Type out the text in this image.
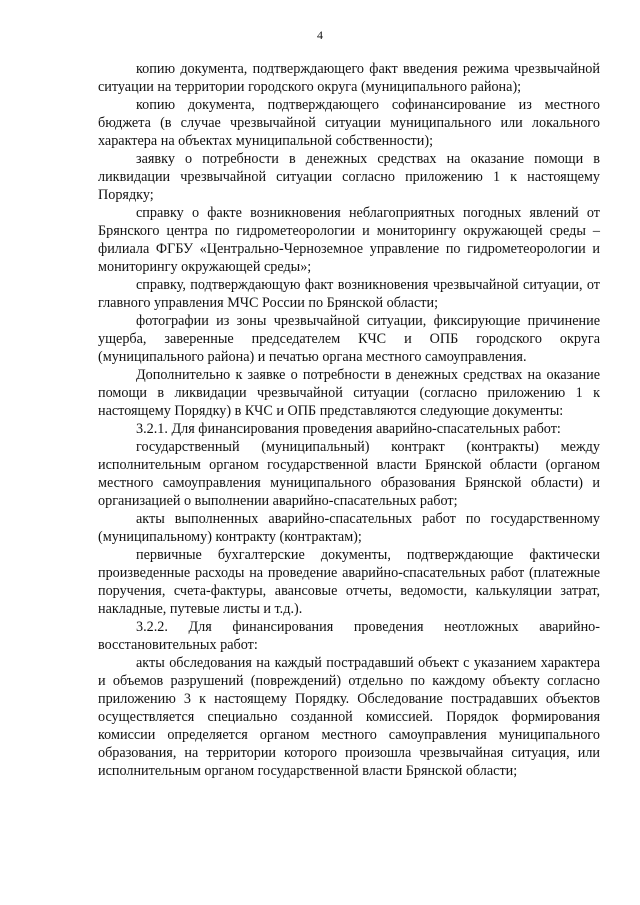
4

копию документа, подтверждающего факт введения режима чрезвычайной ситуации на территории городского округа (муниципального района);

копию документа, подтверждающего софинансирование из местного бюджета (в случае чрезвычайной ситуации муниципального или локального характера на объектах муниципальной собственности);

заявку о потребности в денежных средствах на оказание помощи в ликвидации чрезвычайной ситуации согласно приложению 1 к настоящему Порядку;

справку о факте возникновения неблагоприятных погодных явлений от Брянского центра по гидрометеорологии и мониторингу окружающей среды – филиала ФГБУ «Центрально-Черноземное управление по гидрометеорологии и мониторингу окружающей среды»;

справку, подтверждающую факт возникновения чрезвычайной ситуации, от главного управления МЧС России по Брянской области;

фотографии из зоны чрезвычайной ситуации, фиксирующие причинение ущерба, заверенные председателем КЧС и ОПБ городского округа (муниципального района) и печатью органа местного самоуправления.

Дополнительно к заявке о потребности в денежных средствах на оказание помощи в ликвидации чрезвычайной ситуации (согласно приложению 1 к настоящему Порядку) в КЧС и ОПБ представляются следующие документы:

3.2.1. Для финансирования проведения аварийно-спасательных работ:

государственный (муниципальный) контракт (контракты) между исполнительным органом государственной власти Брянской области (органом местного самоуправления муниципального образования Брянской области) и организацией о выполнении аварийно-спасательных работ;

акты выполненных аварийно-спасательных работ по государственному (муниципальному) контракту (контрактам);

первичные бухгалтерские документы, подтверждающие фактически произведенные расходы на проведение аварийно-спасательных работ (платежные поручения, счета-фактуры, авансовые отчеты, ведомости, калькуляции затрат, накладные, путевые листы и т.д.).

3.2.2. Для финансирования проведения неотложных аварийно-восстановительных работ:

акты обследования на каждый пострадавший объект с указанием характера и объемов разрушений (повреждений) отдельно по каждому объекту согласно приложению 3 к настоящему Порядку. Обследование пострадавших объектов осуществляется специально созданной комиссией. Порядок формирования комиссии определяется органом местного самоуправления муниципального образования, на территории которого произошла чрезвычайная ситуация, или исполнительным органом государственной власти Брянской области;
